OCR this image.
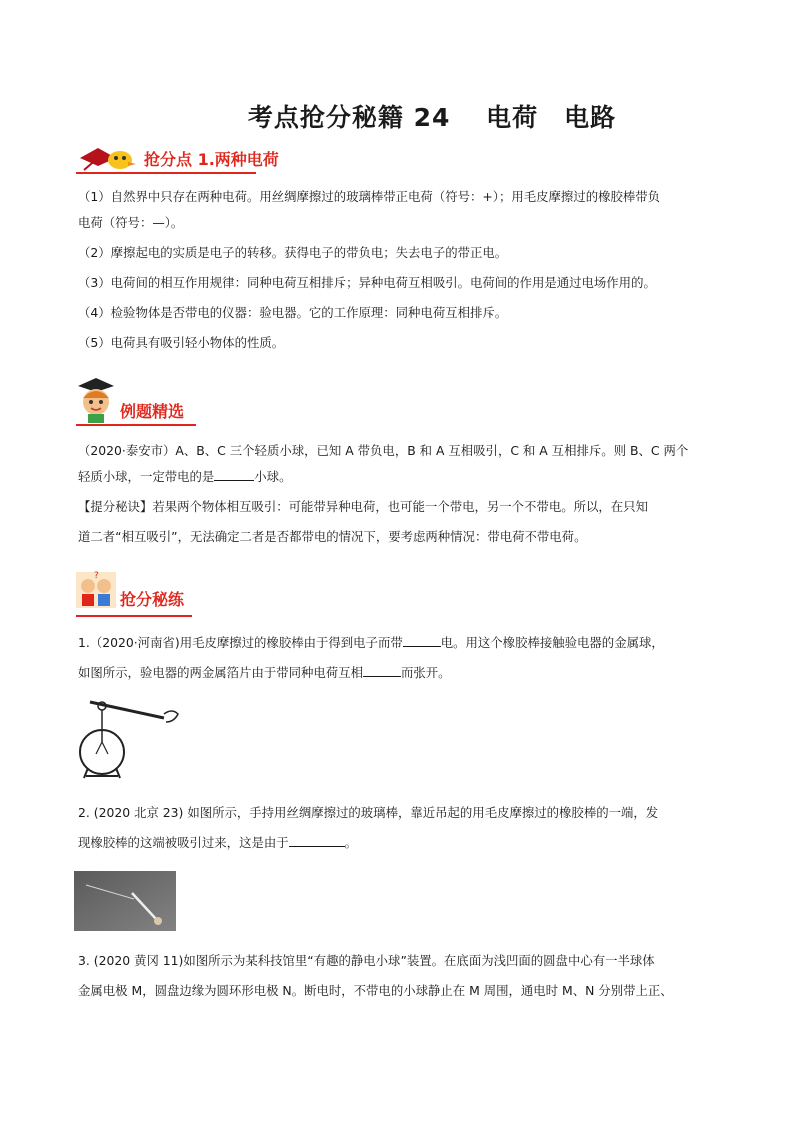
考点抢分秘籍 24　 电荷　电路
抢分点 1.两种电荷
（1）自然界中只存在两种电荷。用丝绸摩擦过的玻璃棒带正电荷（符号：+）；用毛皮摩擦过的橡胶棒带负
电荷（符号：—）。
（2）摩擦起电的实质是电子的转移。获得电子的带负电；失去电子的带正电。
（3）电荷间的相互作用规律：同种电荷互相排斥；异种电荷互相吸引。电荷间的作用是通过电场作用的。
（4）检验物体是否带电的仪器：验电器。它的工作原理：同种电荷互相排斥。
（5）电荷具有吸引轻小物体的性质。
例题精选
（2020·泰安市）A、B、C 三个轻质小球，已知 A 带负电，B 和 A 互相吸引，C 和 A 互相排斥。则 B、C 两个
轻质小球，一定带电的是	小球。
【提分秘诀】若果两个物体相互吸引：可能带异种电荷，也可能一个带电，另一个不带电。所以，在只知
道二者“相互吸引”，无法确定二者是否都带电的情况下，要考虑两种情况：带电荷不带电荷。
?
抢分秘练
1.（2020·河南省)用毛皮摩擦过的橡胶棒由于得到电子而带	电。用这个橡胶棒接触验电器的金属球，
如图所示，验电器的两金属箔片由于带同种电荷互相	而张开。
2. (2020 北京 23) 如图所示，手持用丝绸摩擦过的玻璃棒，靠近吊起的用毛皮摩擦过的橡胶棒的一端，发
现橡胶棒的这端被吸引过来，这是由于	。
3. (2020 黄冈 11)如图所示为某科技馆里“有趣的静电小球”装置。在底面为浅凹面的圆盘中心有一半球体
金属电极 M，圆盘边缘为圆环形电极 N。断电时，不带电的小球静止在 M 周围，通电时 M、N 分别带上正、
